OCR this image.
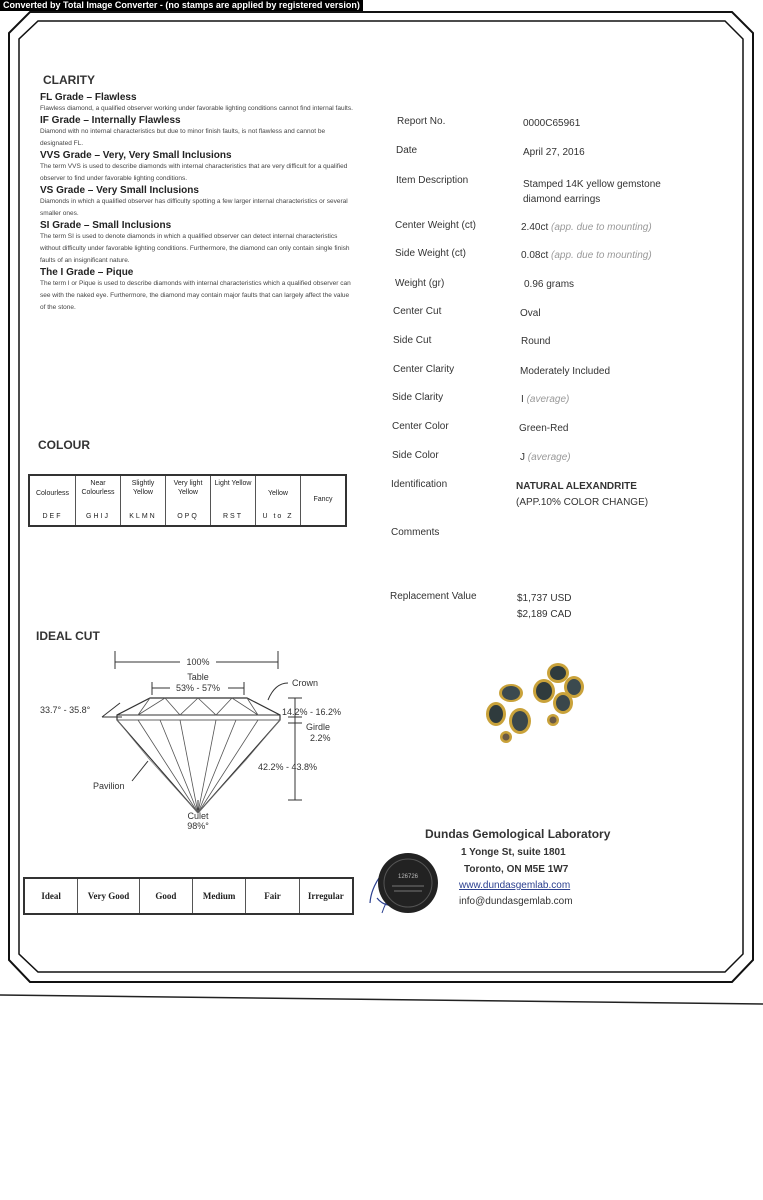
Converted by Total Image Converter - (no stamps are applied by registered version)
CLARITY
FL Grade – Flawless
Flawless diamond, a qualified observer working under favorable lighting conditions cannot find internal faults.
IF Grade – Internally Flawless
Diamond with no internal characteristics but due to minor finish faults, is not flawless and cannot be designated FL.
VVS Grade – Very, Very Small Inclusions
The term VVS is used to describe diamonds with internal characteristics that are very difficult for a qualified observer to find under favorable lighting conditions.
VS Grade – Very Small Inclusions
Diamonds in which a qualified observer has difficulty spotting a few larger internal characteristics or several smaller ones.
SI Grade – Small Inclusions
The term SI is used to denote diamonds in which a qualified observer can detect internal characteristics without difficulty under favorable lighting conditions. Furthermore, the diamond can only contain single finish faults of an insignificant nature.
The I Grade – Pique
The term I or Pique is used to describe diamonds with internal characteristics which a qualified observer can see with the naked eye. Furthermore, the diamond may contain major faults that can largely affect the value of the stone.
COLOUR
Colourless
DEF
Near Colourless
GHIJ
Slightly Yellow
KLMN
Very light Yellow
OPQ
Light Yellow
RST
Yellow
U to Z
Fancy
IDEAL CUT
100%
Table
53% - 57%
33.7° - 35.8°
Crown
14.2% - 16.2%
Girdle
2.2%
42.2% - 43.8%
Pavilion
Culet
98%°
Ideal	Very Good	Good	Medium	Fair	Irregular
Report No.	0000C65961
Date	April 27, 2016
Item Description	Stamped 14K yellow gemstone diamond earrings
Center Weight (ct)	2.40ct (app. due to mounting)
Side Weight (ct)	0.08ct (app. due to mounting)
Weight (gr)	0.96 grams
Center Cut	Oval
Side Cut	Round
Center Clarity	Moderately Included
Side Clarity	I (average)
Center Color	Green-Red
Side Color	J (average)
Identification	NATURAL ALEXANDRITE
(APP.10% COLOR CHANGE)
Comments
Replacement Value	$1,737 USD
$2,189 CAD
126726
Dundas Gemological Laboratory
1 Yonge St, suite 1801
Toronto, ON M5E 1W7
www.dundasgemlab.com
info@dundasgemlab.com
